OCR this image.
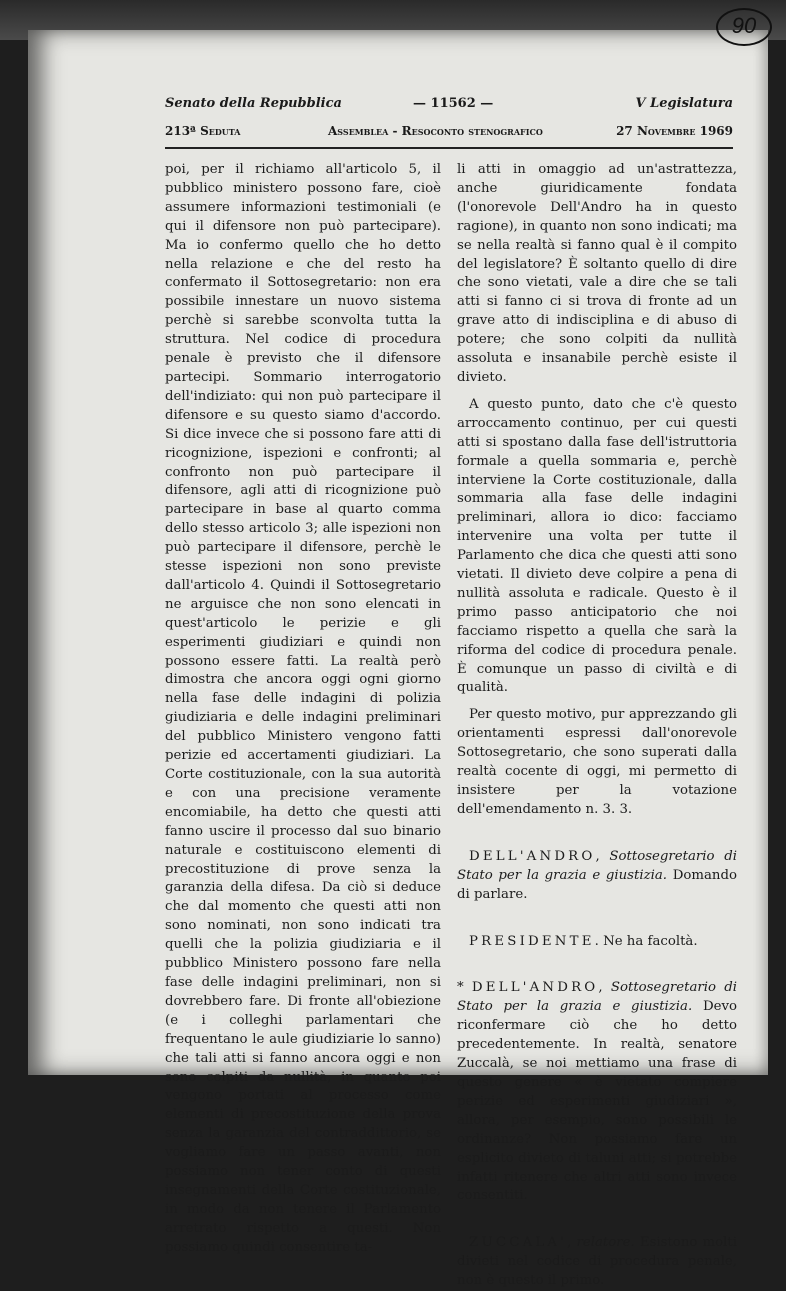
90
Senato della Repubblica	— 11562 —	V Legislatura
213ª Seduta	Assemblea - Resoconto stenografico	27 Novembre 1969

poi, per il richiamo all'articolo 5, il pubblico ministero possono fare, cioè assumere informazioni testimoniali (e qui il difensore non può partecipare). Ma io confermo quello che ho detto nella relazione e che del resto ha confermato il Sottosegretario: non era possibile innestare un nuovo sistema perchè si sarebbe sconvolta tutta la struttura. Nel codice di procedura penale è previsto che il difensore partecipi. Sommario interrogatorio dell'indiziato: qui non può partecipare il difensore e su questo siamo d'accordo. Si dice invece che si possono fare atti di ricognizione, ispezioni e confronti; al confronto non può partecipare il difensore, agli atti di ricognizione può partecipare in base al quarto comma dello stesso articolo 3; alle ispezioni non può partecipare il difensore, perchè le stesse ispezioni non sono previste dall'articolo 4. Quindi il Sottosegretario ne arguisce che non sono elencati in quest'articolo le perizie e gli esperimenti giudiziari e quindi non possono essere fatti. La realtà però dimostra che ancora oggi ogni giorno nella fase delle indagini di polizia giudiziaria e delle indagini preliminari del pubblico Ministero vengono fatti perizie ed accertamenti giudiziari. La Corte costituzionale, con la sua autorità e con una precisione veramente encomiabile, ha detto che questi atti fanno uscire il processo dal suo binario naturale e costituiscono elementi di precostituzione di prove senza la garanzia della difesa. Da ciò si deduce che dal momento che questi atti non sono nominati, non sono indicati tra quelli che la polizia giudiziaria e il pubblico Ministero possono fare nella fase delle indagini preliminari, non si dovrebbero fare. Di fronte all'obiezione (e i colleghi parlamentari che frequentano le aule giudiziarie lo sanno) che tali atti si fanno ancora oggi e non sono colpiti da nullità, in quanto poi vengono portati al processo come elementi di precostituzione della prova senza la garanzia del contraddittorio, se vogliamo fare un passo avanti, non possiamo non tener conto di questi insegnamenti della Corte costituzionale, in modo da non tenere il Parlamento arretrato rispetto a questi. Non possiamo quindi consentire ta-

li atti in omaggio ad un'astrattezza, anche giuridicamente fondata (l'onorevole Dell'Andro ha in questo ragione), in quanto non sono indicati; ma se nella realtà si fanno qual è il compito del legislatore? È soltanto quello di dire che sono vietati, vale a dire che se tali atti si fanno ci si trova di fronte ad un grave atto di indisciplina e di abuso di potere; che sono colpiti da nullità assoluta e insanabile perchè esiste il divieto.

A questo punto, dato che c'è questo arroccamento continuo, per cui questi atti si spostano dalla fase dell'istruttoria formale a quella sommaria e, perchè interviene la Corte costituzionale, dalla sommaria alla fase delle indagini preliminari, allora io dico: facciamo intervenire una volta per tutte il Parlamento che dica che questi atti sono vietati. Il divieto deve colpire a pena di nullità assoluta e radicale. Questo è il primo passo anticipatorio che noi facciamo rispetto a quella che sarà la riforma del codice di procedura penale. È comunque un passo di civiltà e di qualità.

Per questo motivo, pur apprezzando gli orientamenti espressi dall'onorevole Sottosegretario, che sono superati dalla realtà cocente di oggi, mi permetto di insistere per la votazione dell'emendamento n. 3. 3.

DELL'ANDRO, Sottosegretario di Stato per la grazia e giustizia. Domando di parlare.

PRESIDENTE. Ne ha facoltà.

* DELL'ANDRO, Sottosegretario di Stato per la grazia e giustizia. Devo riconfermare ciò che ho detto precedentemente. In realtà, senatore Zuccalà, se noi mettiamo una frase di questo genere « è vietato compiere perizie ed esperimenti giudiziari », allora, per esempio, sono possibili le ordinanze? Non possiamo fare un esplicito divieto di taluni atti; si potrebbe infatti ritenere che altri atti sono invece consentiti.

ZUCCALA', relatore. Esistono molti divieti nel codice di procedura penale, non è questo il primo.
